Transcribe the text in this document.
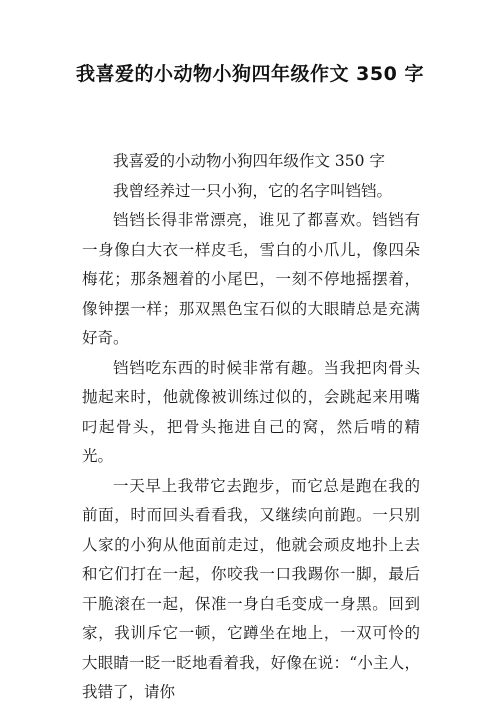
我喜爱的小动物小狗四年级作文 350 字

我喜爱的小动物小狗四年级作文 350 字

我曾经养过一只小狗，它的名字叫铛铛。

铛铛长得非常漂亮，谁见了都喜欢。铛铛有一身像白大衣一样皮毛，雪白的小爪儿，像四朵梅花；那条翘着的小尾巴，一刻不停地摇摆着，像钟摆一样；那双黑色宝石似的大眼睛总是充满好奇。

铛铛吃东西的时候非常有趣。当我把肉骨头抛起来时，他就像被训练过似的，会跳起来用嘴叼起骨头，把骨头拖进自己的窝，然后啃的精光。

一天早上我带它去跑步，而它总是跑在我的前面，时而回头看看我，又继续向前跑。一只别人家的小狗从他面前走过，他就会顽皮地扑上去和它们打在一起，你咬我一口我踢你一脚，最后干脆滚在一起，保准一身白毛变成一身黑。回到家，我训斥它一顿，它蹲坐在地上，一双可怜的大眼睛一眨一眨地看着我，好像在说：“小主人，我错了，请你
